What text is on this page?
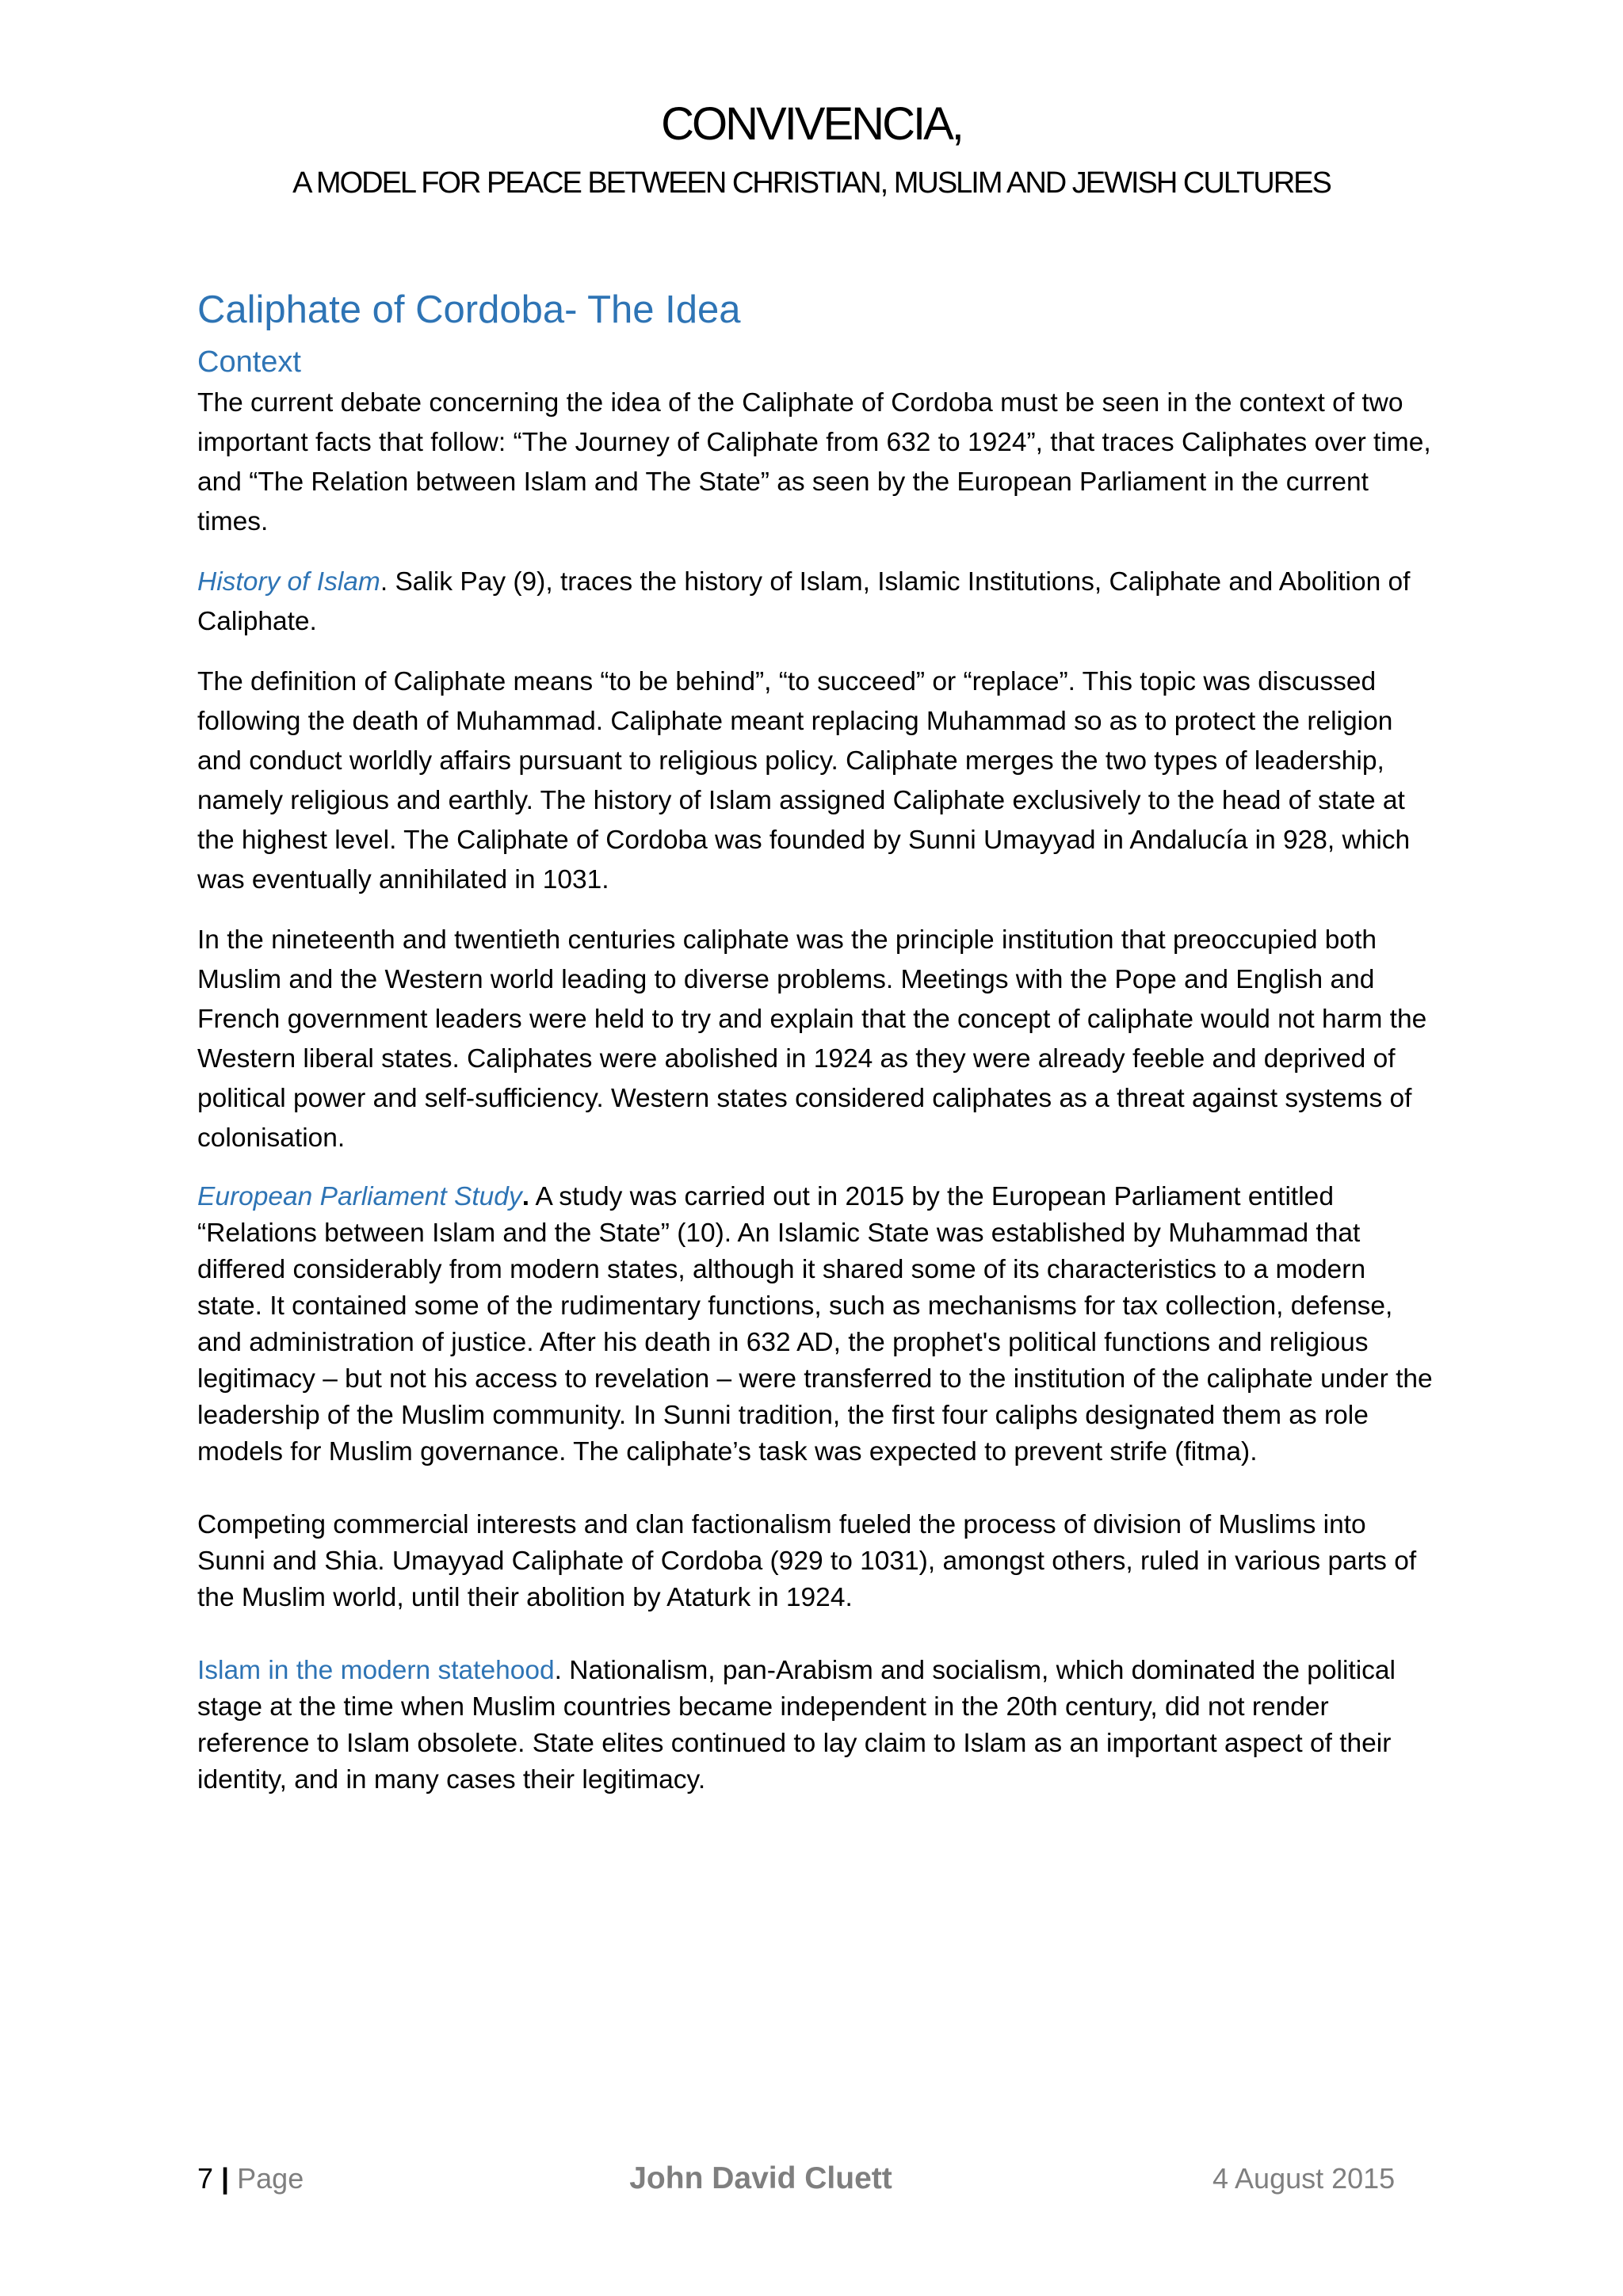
CONVIVENCIA,
A MODEL FOR PEACE BETWEEN CHRISTIAN, MUSLIM AND JEWISH CULTURES
Caliphate of Cordoba- The Idea
Context

The current debate concerning the idea of the Caliphate of Cordoba must be seen in the context of two important facts that follow: “The Journey of Caliphate from 632 to 1924”, that traces Caliphates over time, and “The Relation between Islam and The State” as seen by the European Parliament in the current times.

History of Islam. Salik Pay (9), traces the history of Islam, Islamic Institutions, Caliphate and Abolition of Caliphate.

The definition of Caliphate means “to be behind”, “to succeed” or “replace”. This topic was discussed following the death of Muhammad. Caliphate meant replacing Muhammad so as to protect the religion and conduct worldly affairs pursuant to religious policy. Caliphate merges the two types of leadership, namely religious and earthly. The history of Islam assigned Caliphate exclusively to the head of state at the highest level. The Caliphate of Cordoba was founded by Sunni Umayyad in Andalucía in 928, which was eventually annihilated in 1031.

In the nineteenth and twentieth centuries caliphate was the principle institution that preoccupied both Muslim and the Western world leading to diverse problems. Meetings with the Pope and English and French government leaders were held to try and explain that the concept of caliphate would not harm the Western liberal states. Caliphates were abolished in 1924 as they were already feeble and deprived of political power and self-sufficiency. Western states considered caliphates as a threat against systems of colonisation.

European Parliament Study. A study was carried out in 2015 by the European Parliament entitled “Relations between Islam and the State” (10). An Islamic State was established by Muhammad that differed considerably from modern states, although it shared some of its characteristics to a modern state. It contained some of the rudimentary functions, such as mechanisms for tax collection, defense, and administration of justice. After his death in 632 AD, the prophet's political functions and religious legitimacy – but not his access to revelation – were transferred to the institution of the caliphate under the leadership of the Muslim community. In Sunni tradition, the first four caliphs designated them as role models for Muslim governance. The caliphate’s task was expected to prevent strife (fitma).

Competing commercial interests and clan factionalism fueled the process of division of Muslims into Sunni and Shia. Umayyad Caliphate of Cordoba (929 to 1031), amongst others, ruled in various parts of the Muslim world, until their abolition by Ataturk in 1924.

Islam in the modern statehood. Nationalism, pan-Arabism and socialism, which dominated the political stage at the time when Muslim countries became independent in the 20th century, did not render reference to Islam obsolete. State elites continued to lay claim to Islam as an important aspect of their identity, and in many cases their legitimacy.

7 | Page	John David Cluett	4 August 2015
